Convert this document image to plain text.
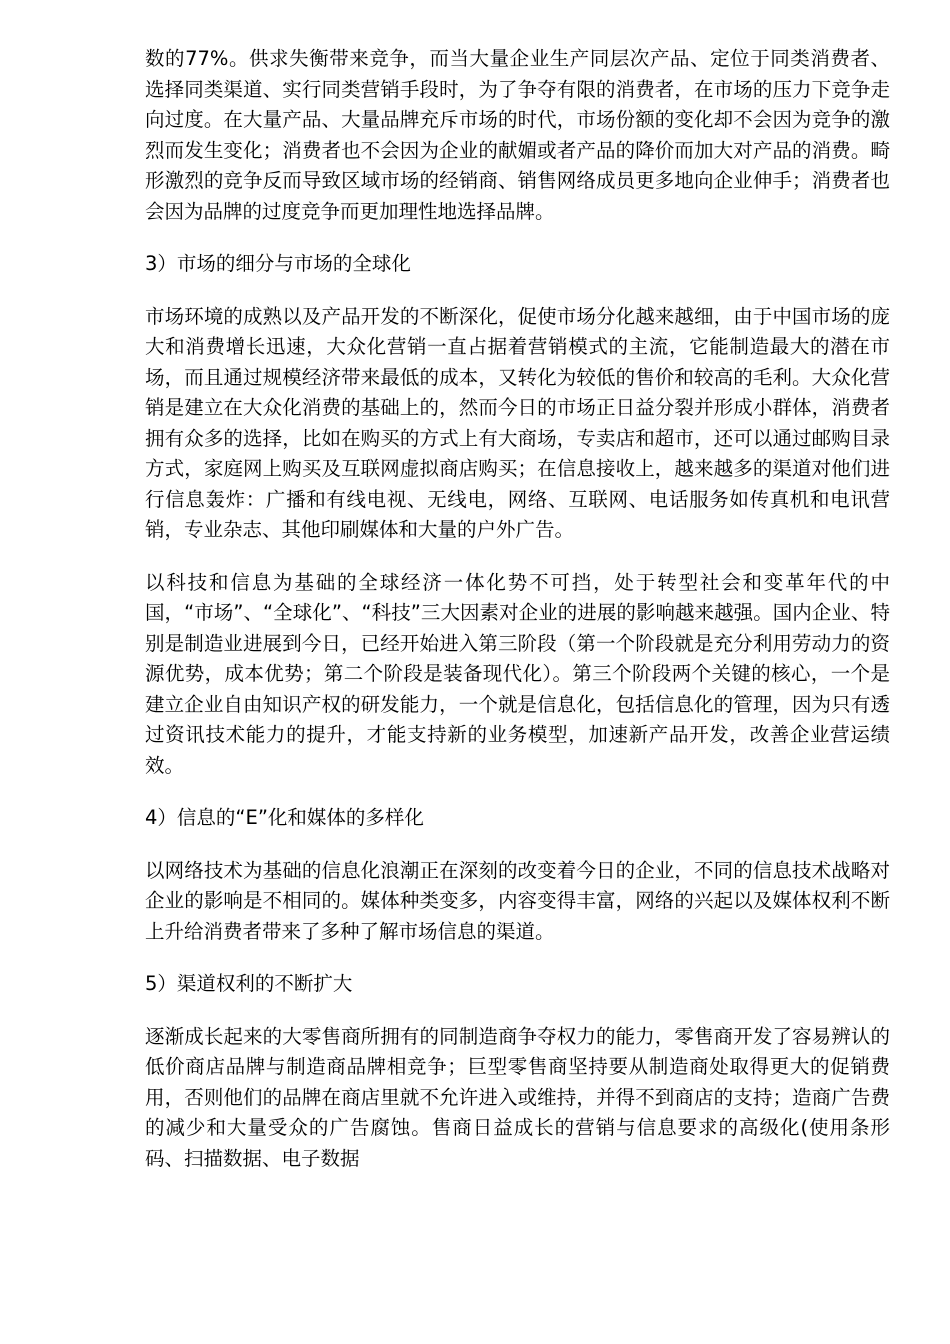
数的77%。供求失衡带来竞争，而当大量企业生产同层次产品、定位于同类消费者、选择同类渠道、实行同类营销手段时，为了争夺有限的消费者，在市场的压力下竞争走向过度。在大量产品、大量品牌充斥市场的时代，市场份额的变化却不会因为竞争的激烈而发生变化；消费者也不会因为企业的献媚或者产品的降价而加大对产品的消费。畸形激烈的竞争反而导致区域市场的经销商、销售网络成员更多地向企业伸手；消费者也会因为品牌的过度竞争而更加理性地选择品牌。

3）市场的细分与市场的全球化

市场环境的成熟以及产品开发的不断深化，促使市场分化越来越细，由于中国市场的庞大和消费增长迅速，大众化营销一直占据着营销模式的主流，它能制造最大的潜在市场，而且通过规模经济带来最低的成本，又转化为较低的售价和较高的毛利。大众化营销是建立在大众化消费的基础上的，然而今日的市场正日益分裂并形成小群体，消费者拥有众多的选择，比如在购买的方式上有大商场，专卖店和超市，还可以通过邮购目录方式，家庭网上购买及互联网虚拟商店购买；在信息接收上，越来越多的渠道对他们进行信息轰炸：广播和有线电视、无线电，网络、互联网、电话服务如传真机和电讯营销，专业杂志、其他印刷媒体和大量的户外广告。

以科技和信息为基础的全球经济一体化势不可挡，处于转型社会和变革年代的中国，“市场”、“全球化”、“科技”三大因素对企业的进展的影响越来越强。国内企业、特别是制造业进展到今日，已经开始进入第三阶段（第一个阶段就是充分利用劳动力的资源优势，成本优势；第二个阶段是装备现代化）。第三个阶段两个关键的核心，一个是建立企业自由知识产权的研发能力，一个就是信息化，包括信息化的管理，因为只有透过资讯技术能力的提升，才能支持新的业务模型，加速新产品开发，改善企业营运绩效。

4）信息的“E”化和媒体的多样化

以网络技术为基础的信息化浪潮正在深刻的改变着今日的企业，不同的信息技术战略对企业的影响是不相同的。媒体种类变多，内容变得丰富，网络的兴起以及媒体权利不断上升给消费者带来了多种了解市场信息的渠道。

5）渠道权利的不断扩大

逐渐成长起来的大零售商所拥有的同制造商争夺权力的能力，零售商开发了容易辨认的低价商店品牌与制造商品牌相竞争；巨型零售商坚持要从制造商处取得更大的促销费用，否则他们的品牌在商店里就不允许进入或维持，并得不到商店的支持；造商广告费的减少和大量受众的广告腐蚀。售商日益成长的营销与信息要求的高级化(使用条形码、扫描数据、电子数据
